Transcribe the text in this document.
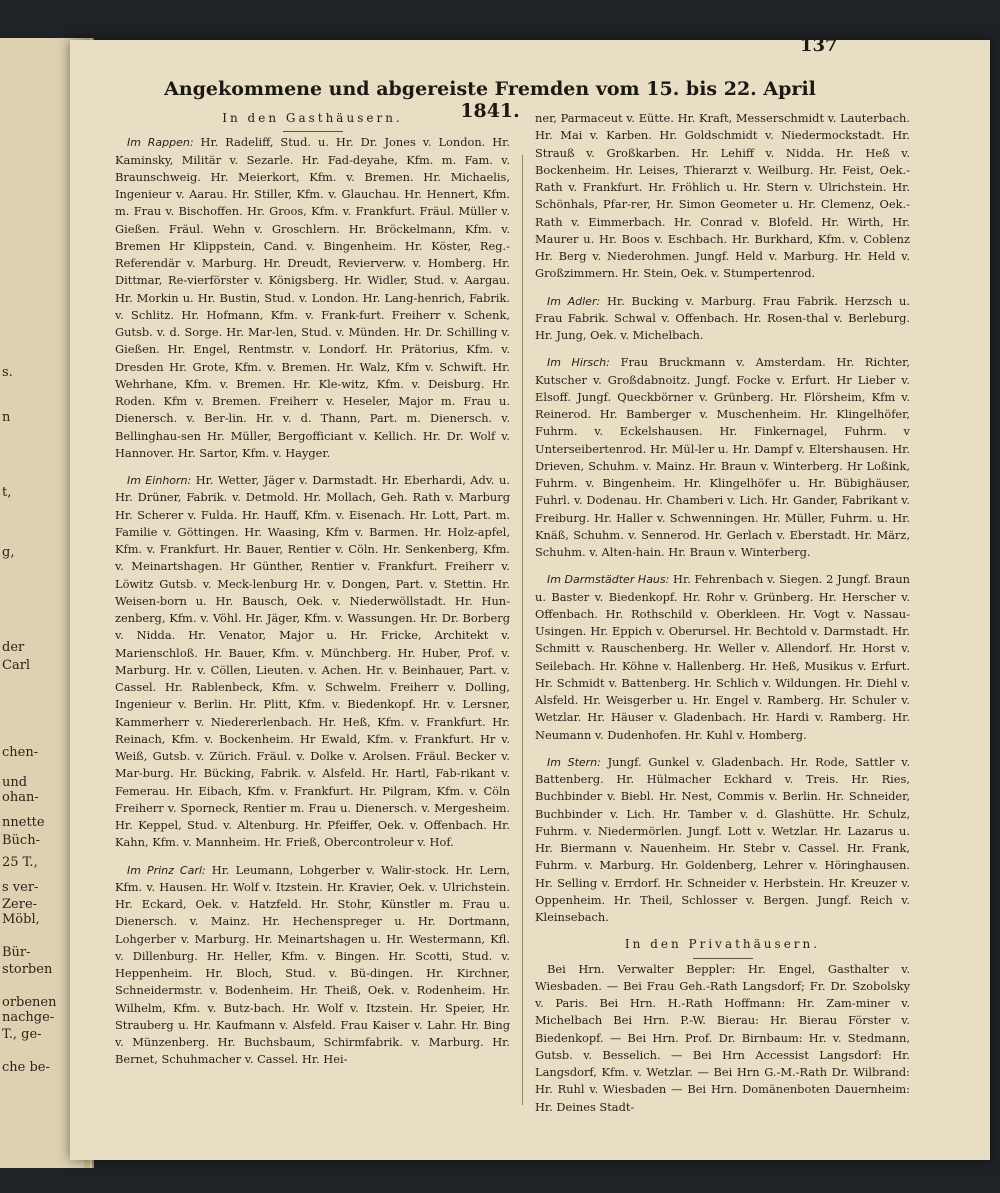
s.
n
t,
g,
der
Carl
chen-
und
ohan-
nnette
Büch-
25 T.,
s ver-
Zere-
Möbl,
Bür-
storben
orbenen
nachge-
T., ge-
che be-
137
Angekommene und abgereiste Fremden vom 15. bis 22. April 1841.
In den Gasthäusern.

Im Rappen: Hr. Radeliff, Stud. u. Hr. Dr. Jones v. London. Hr. Kaminsky, Militär v. Sezarle. Hr. Fad-deyahe, Kfm. m. Fam. v. Braunschweig. Hr. Meierkort, Kfm. v. Bremen. Hr. Michaelis, Ingenieur v. Aarau. Hr. Stiller, Kfm. v. Glauchau. Hr. Hennert, Kfm. m. Frau v. Bischoffen. Hr. Groos, Kfm. v. Frankfurt. Fräul. Müller v. Gießen. Fräul. Wehn v. Groschlern. Hr. Bröckelmann, Kfm. v. Bremen Hr Klippstein, Cand. v. Bingenheim. Hr. Köster, Reg.-Referendär v. Marburg. Hr. Dreudt, Revierverw. v. Homberg. Hr. Dittmar, Re-vierförster v. Königsberg. Hr. Widler, Stud. v. Aargau. Hr. Morkin u. Hr. Bustin, Stud. v. London. Hr. Lang-henrich, Fabrik. v. Schlitz. Hr. Hofmann, Kfm. v. Frank-furt. Freiherr v. Schenk, Gutsb. v. d. Sorge. Hr. Mar-len, Stud. v. Münden. Hr. Dr. Schilling v. Gießen. Hr. Engel, Rentmstr. v. Londorf. Hr. Prätorius, Kfm. v. Dresden Hr. Grote, Kfm. v. Bremen. Hr. Walz, Kfm v. Schwift. Hr. Wehrhane, Kfm. v. Bremen. Hr. Kle-witz, Kfm. v. Deisburg. Hr. Roden. Kfm v. Bremen. Freiherr v. Heseler, Major m. Frau u. Dienersch. v. Ber-lin. Hr. v. d. Thann, Part. m. Dienersch. v. Bellinghau-sen Hr. Müller, Bergofficiant v. Kellich. Hr. Dr. Wolf v. Hannover. Hr. Sartor, Kfm. v. Hayger.

Im Einhorn: Hr. Wetter, Jäger v. Darmstadt. Hr. Eberhardi, Adv. u. Hr. Drüner, Fabrik. v. Detmold. Hr. Mollach, Geh. Rath v. Marburg Hr. Scherer v. Fulda. Hr. Hauff, Kfm. v. Eisenach. Hr. Lott, Part. m. Familie v. Göttingen. Hr. Waasing, Kfm v. Barmen. Hr. Holz-apfel, Kfm. v. Frankfurt. Hr. Bauer, Rentier v. Cöln. Hr. Senkenberg, Kfm. v. Meinartshagen. Hr Günther, Rentier v. Frankfurt. Freiherr v. Löwitz Gutsb. v. Meck-lenburg Hr. v. Dongen, Part. v. Stettin. Hr. Weisen-born u. Hr. Bausch, Oek. v. Niederwöllstadt. Hr. Hun-zenberg, Kfm. v. Vöhl. Hr. Jäger, Kfm. v. Wassungen. Hr. Dr. Borberg v. Nidda. Hr. Venator, Major u. Hr. Fricke, Architekt v. Marienschloß. Hr. Bauer, Kfm. v. Münchberg. Hr. Huber, Prof. v. Marburg. Hr. v. Cöllen, Lieuten. v. Achen. Hr. v. Beinhauer, Part. v. Cassel. Hr. Rablenbeck, Kfm. v. Schwelm. Freiherr v. Dolling, Ingenieur v. Berlin. Hr. Plitt, Kfm. v. Biedenkopf. Hr. v. Lersner, Kammerherr v. Niedererlenbach. Hr. Heß, Kfm. v. Frankfurt. Hr. Reinach, Kfm. v. Bockenheim. Hr Ewald, Kfm. v. Frankfurt. Hr v. Weiß, Gutsb. v. Zürich. Fräul. v. Dolke v. Arolsen. Fräul. Becker v. Mar-burg. Hr. Bücking, Fabrik. v. Alsfeld. Hr. Hartl, Fab-rikant v. Femerau. Hr. Eibach, Kfm. v. Frankfurt. Hr. Pilgram, Kfm. v. Cöln Freiherr v. Sporneck, Rentier m. Frau u. Dienersch. v. Mergesheim. Hr. Keppel, Stud. v. Altenburg. Hr. Pfeiffer, Oek. v. Offenbach. Hr. Kahn, Kfm. v. Mannheim. Hr. Frieß, Obercontroleur v. Hof.

Im Prinz Carl: Hr. Leumann, Lohgerber v. Walir-stock. Hr. Lern, Kfm. v. Hausen. Hr. Wolf v. Itzstein. Hr. Kravier, Oek. v. Ulrichstein. Hr. Eckard, Oek. v. Hatzfeld. Hr. Stohr, Künstler m. Frau u. Dienersch. v. Mainz. Hr. Hechenspreger u. Hr. Dortmann, Lohgerber v. Marburg. Hr. Meinartshagen u. Hr. Westermann, Kfl. v. Dillenburg. Hr. Heller, Kfm. v. Bingen. Hr. Scotti, Stud. v. Heppenheim. Hr. Bloch, Stud. v. Bü-dingen. Hr. Kirchner, Schneidermstr. v. Bodenheim. Hr. Theiß, Oek. v. Rodenheim. Hr. Wilhelm, Kfm. v. Butz-bach. Hr. Wolf v. Itzstein. Hr. Speier, Hr. Strauberg u. Hr. Kaufmann v. Alsfeld. Frau Kaiser v. Lahr. Hr. Bing v. Münzenberg. Hr. Buchsbaum, Schirmfabrik. v. Marburg. Hr. Bernet, Schuhmacher v. Cassel. Hr. Hei-

ner, Parmaceut v. Eütte. Hr. Kraft, Messerschmidt v. Lauterbach. Hr. Mai v. Karben. Hr. Goldschmidt v. Niedermockstadt. Hr. Strauß v. Großkarben. Hr. Lehiff v. Nidda. Hr. Heß v. Bockenheim. Hr. Leises, Thierarzt v. Weilburg. Hr. Feist, Oek.-Rath v. Frankfurt. Hr. Fröhlich u. Hr. Stern v. Ulrichstein. Hr. Schönhals, Pfar-rer, Hr. Simon Geometer u. Hr. Clemenz, Oek.-Rath v. Eimmerbach. Hr. Conrad v. Blofeld. Hr. Wirth, Hr. Maurer u. Hr. Boos v. Eschbach. Hr. Burkhard, Kfm. v. Coblenz Hr. Berg v. Niederohmen. Jungf. Held v. Marburg. Hr. Held v. Großzimmern. Hr. Stein, Oek. v. Stumpertenrod.

Im Adler: Hr. Bucking v. Marburg. Frau Fabrik. Herzsch u. Frau Fabrik. Schwal v. Offenbach. Hr. Rosen-thal v. Berleburg. Hr. Jung, Oek. v. Michelbach.

Im Hirsch: Frau Bruckmann v. Amsterdam. Hr. Richter, Kutscher v. Großdabnoitz. Jungf. Focke v. Erfurt. Hr Lieber v. Elsoff. Jungf. Queckbörner v. Grünberg. Hr. Flörsheim, Kfm v. Reinerod. Hr. Bamberger v. Muschenheim. Hr. Klingelhöfer, Fuhrm. v. Eckelshausen. Hr. Finkernagel, Fuhrm. v Unterseibertenrod. Hr. Mül-ler u. Hr. Dampf v. Eltershausen. Hr. Drieven, Schuhm. v. Mainz. Hr. Braun v. Winterberg. Hr Loßink, Fuhrm. v. Bingenheim. Hr. Klingelhöfer u. Hr. Bübighäuser, Fuhrl. v. Dodenau. Hr. Chamberi v. Lich. Hr. Gander, Fabrikant v. Freiburg. Hr. Haller v. Schwenningen. Hr. Müller, Fuhrm. u. Hr. Knäß, Schuhm. v. Sennerod. Hr. Gerlach v. Eberstadt. Hr. März, Schuhm. v. Alten-hain. Hr. Braun v. Winterberg.

Im Darmstädter Haus: Hr. Fehrenbach v. Siegen. 2 Jungf. Braun u. Baster v. Biedenkopf. Hr. Rohr v. Grünberg. Hr. Herscher v. Offenbach. Hr. Rothschild v. Oberkleen. Hr. Vogt v. Nassau-Usingen. Hr. Eppich v. Oberursel. Hr. Bechtold v. Darmstadt. Hr. Schmitt v. Rauschenberg. Hr. Weller v. Allendorf. Hr. Horst v. Seilebach. Hr. Köhne v. Hallenberg. Hr. Heß, Musikus v. Erfurt. Hr. Schmidt v. Battenberg. Hr. Schlich v. Wildungen. Hr. Diehl v. Alsfeld. Hr. Weisgerber u. Hr. Engel v. Ramberg. Hr. Schuler v. Wetzlar. Hr. Häuser v. Gladenbach. Hr. Hardi v. Ramberg. Hr. Neumann v. Dudenhofen. Hr. Kuhl v. Homberg.

Im Stern: Jungf. Gunkel v. Gladenbach. Hr. Rode, Sattler v. Battenberg. Hr. Hülmacher Eckhard v. Treis. Hr. Ries, Buchbinder v. Biebl. Hr. Nest, Commis v. Berlin. Hr. Schneider, Buchbinder v. Lich. Hr. Tamber v. d. Glashütte. Hr. Schulz, Fuhrm. v. Niedermörlen. Jungf. Lott v. Wetzlar. Hr. Lazarus u. Hr. Biermann v. Nauenheim. Hr. Stebr v. Cassel. Hr. Frank, Fuhrm. v. Marburg. Hr. Goldenberg, Lehrer v. Höringhausen. Hr. Selling v. Errdorf. Hr. Schneider v. Herbstein. Hr. Kreuzer v. Oppenheim. Hr. Theil, Schlosser v. Bergen. Jungf. Reich v. Kleinsebach.

In den Privathäusern.

Bei Hrn. Verwalter Beppler: Hr. Engel, Gasthalter v. Wiesbaden. — Bei Frau Geh.-Rath Langsdorf; Fr. Dr. Szobolsky v. Paris. Bei Hrn. H.-Rath Hoffmann: Hr. Zam-miner v. Michelbach Bei Hrn. P.-W. Bierau: Hr. Bierau Förster v. Biedenkopf. — Bei Hrn. Prof. Dr. Birnbaum: Hr. v. Stedmann, Gutsb. v. Besselich. — Bei Hrn Accessist Langsdorf: Hr. Langsdorf, Kfm. v. Wetzlar. — Bei Hrn G.-M.-Rath Dr. Wilbrand: Hr. Ruhl v. Wiesbaden — Bei Hrn. Domänenboten Dauernheim: Hr. Deines Stadt-
